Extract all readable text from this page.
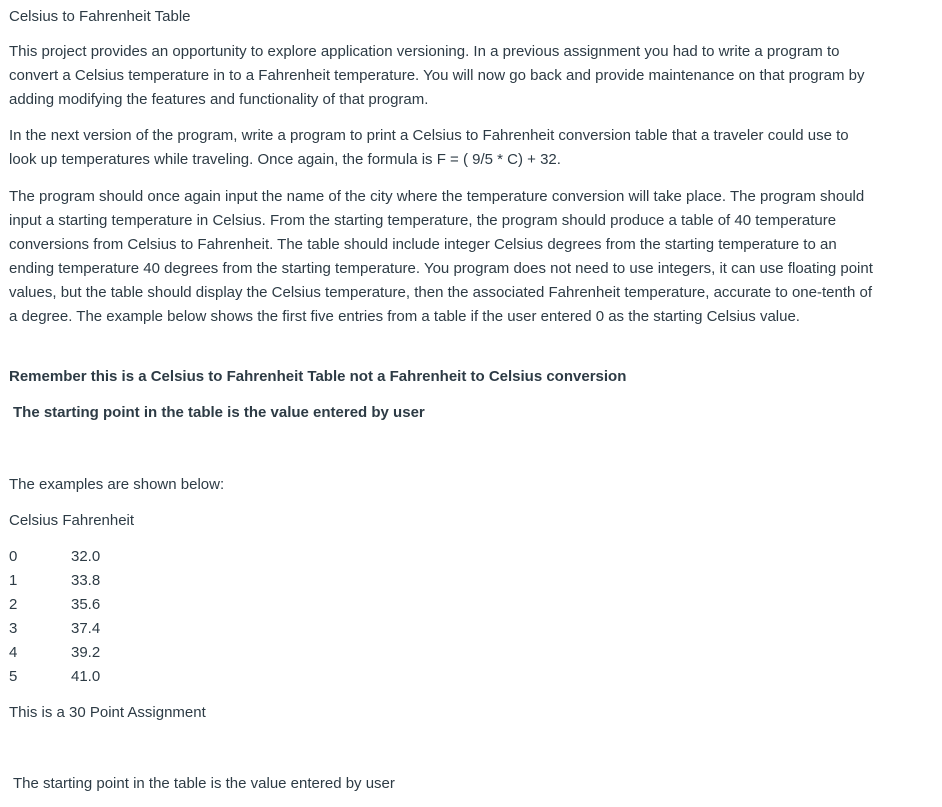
Celsius to Fahrenheit Table

This project provides an opportunity to explore application versioning. In a previous assignment you had to write a program to convert a Celsius temperature in to a Fahrenheit temperature. You will now go back and provide maintenance on that program by adding modifying the features and functionality of that program.

In the next version of the program, write a program to print a Celsius to Fahrenheit conversion table that a traveler could use to look up temperatures while traveling. Once again, the formula is F = ( 9/5 * C) + 32.

The program should once again input the name of the city where the temperature conversion will take place. The program should input a starting temperature in Celsius. From the starting temperature, the program should produce a table of 40 temperature conversions from Celsius to Fahrenheit. The table should include integer Celsius degrees from the starting temperature to an ending temperature 40 degrees from the starting temperature. You program does not need to use integers, it can use floating point values, but the table should display the Celsius temperature, then the associated Fahrenheit temperature, accurate to one-tenth of a degree. The example below shows the first five entries from a table if the user entered 0 as the starting Celsius value.

Remember this is a Celsius to Fahrenheit Table not a Fahrenheit to Celsius conversion

The starting point in the table is the value entered by user

The examples are shown below:

Celsius Fahrenheit

0	32.0
1	33.8
2	35.6
3	37.4
4	39.2
5	41.0

This is a 30 Point Assignment

The starting point in the table is the value entered by user
